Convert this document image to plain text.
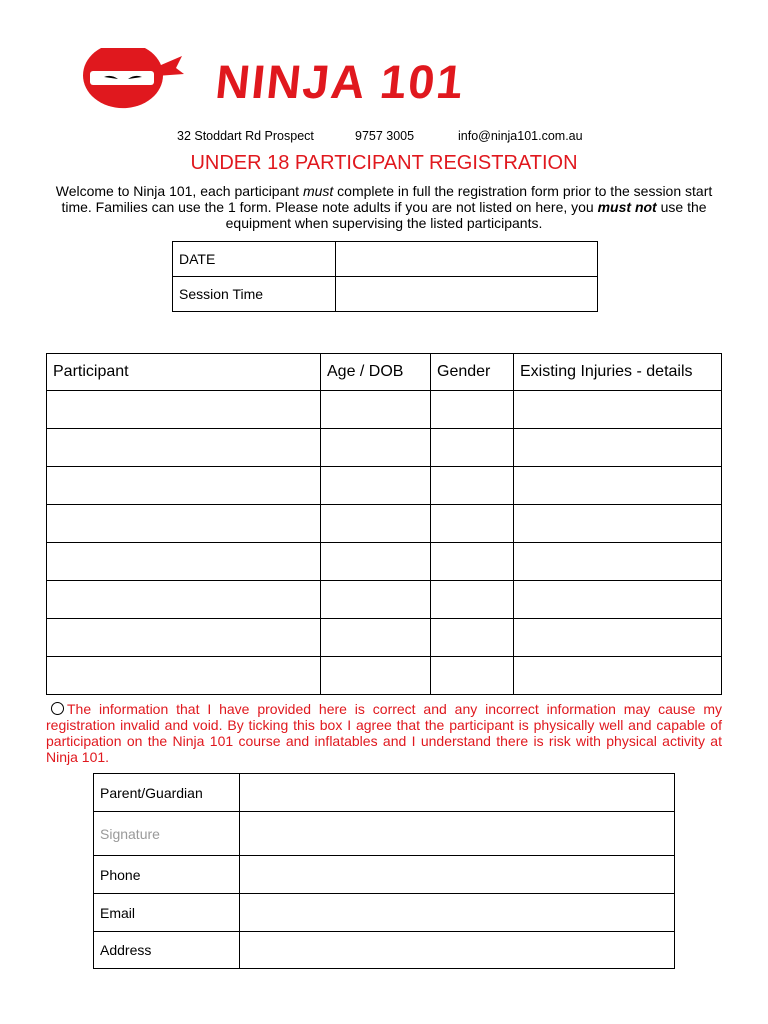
NINJA 101
32 Stoddart Rd Prospect	9757 3005	info@ninja101.com.au
UNDER 18 PARTICIPANT REGISTRATION
Welcome to Ninja 101, each participant must complete in full the registration form prior to the session start time. Families can use the 1 form. Please note adults if you are not listed on here, you must not use the equipment when supervising the listed participants.
DATE	
Session Time	
Participant	Age / DOB	Gender	Existing Injuries - details

The information that I have provided here is correct and any incorrect information may cause my registration invalid and void. By ticking this box I agree that the participant is physically well and capable of participation on the Ninja 101 course and inflatables and I understand there is risk with physical activity at Ninja 101.
Parent/Guardian	
Signature	
Phone	
Email	
Address	
